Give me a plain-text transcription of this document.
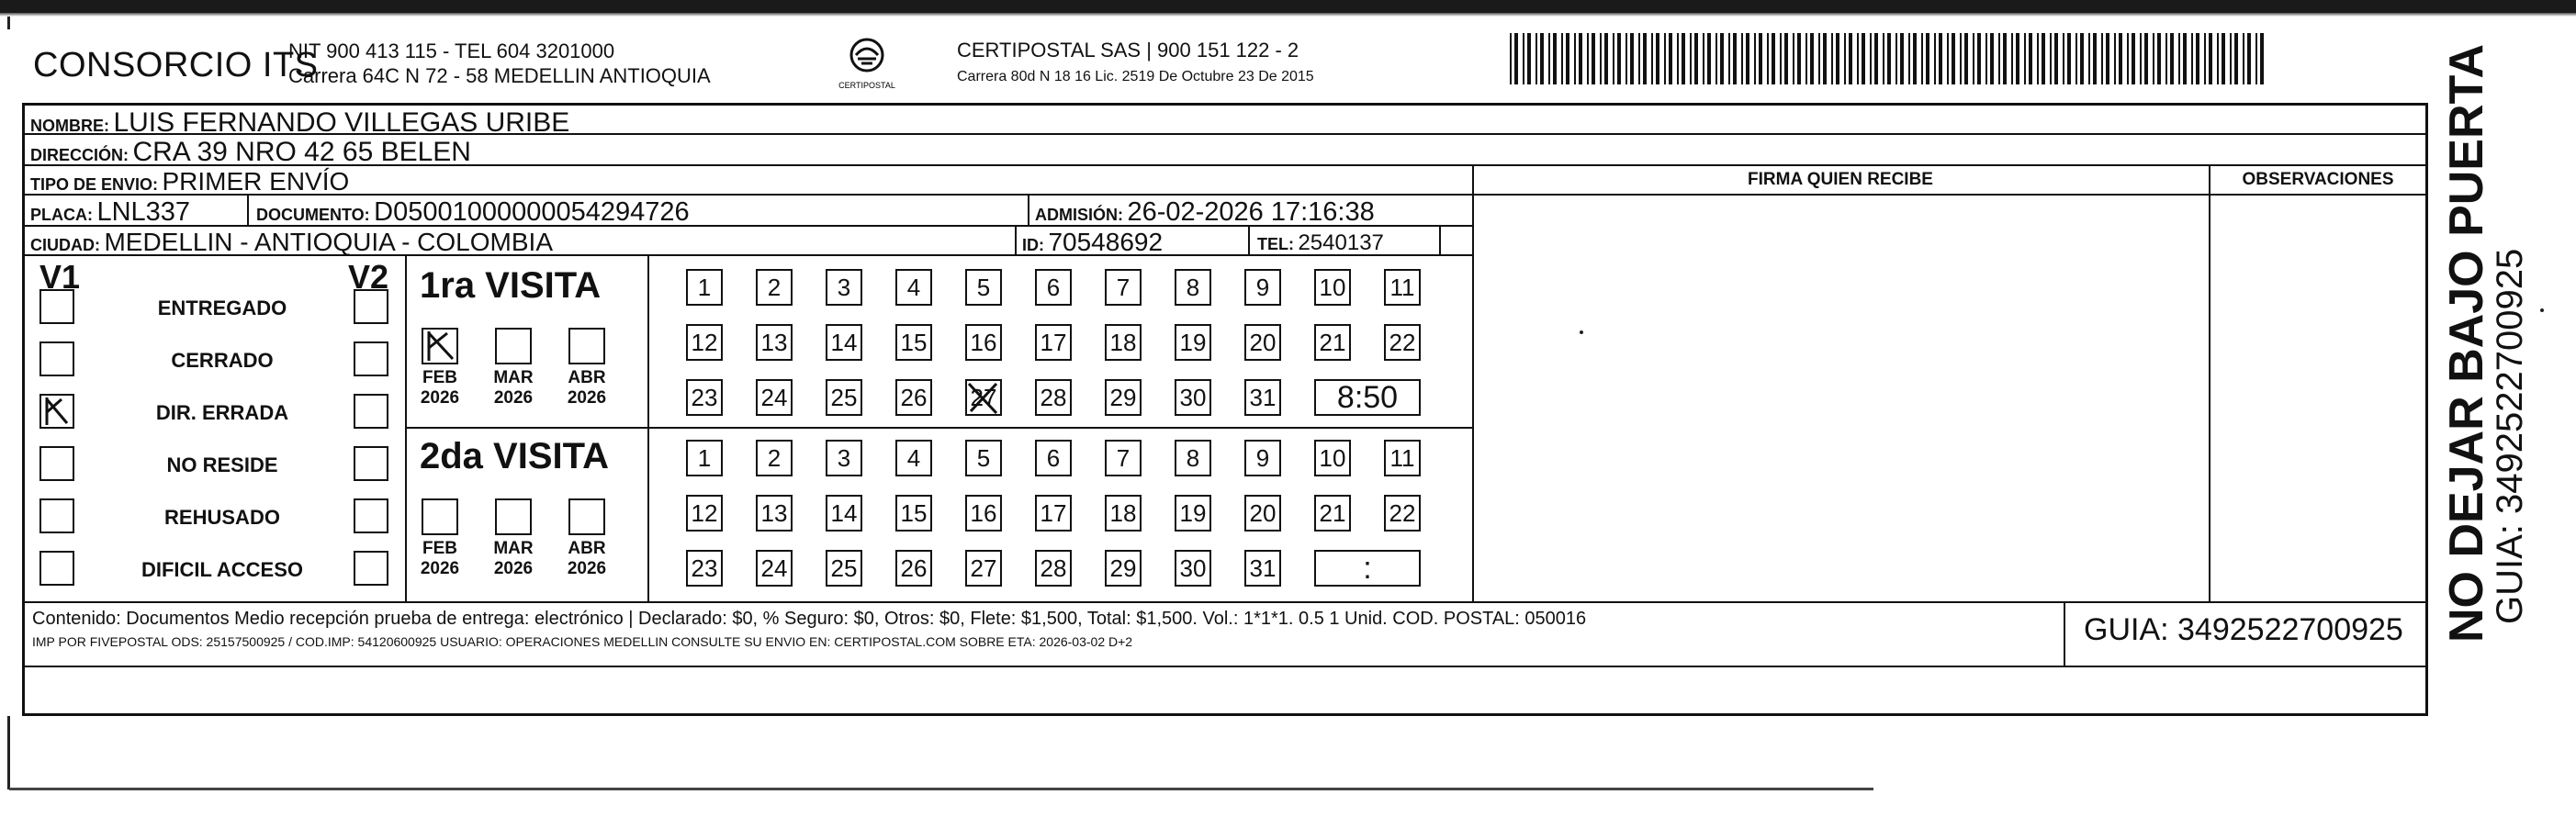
CONSORCIO ITS
NIT 900 413 115 - TEL 604 3201000
Carrera 64C N 72 - 58 MEDELLIN ANTIOQUIA	CERTIPOSTAL
CERTIPOSTAL SAS | 900 151 122 - 2
Carrera 80d N 18 16 Lic. 2519 De Octubre 23 De 2015
NOMBRE: LUIS FERNANDO VILLEGAS URIBE
DIRECCIÓN: CRA 39 NRO 42 65 BELEN
TIPO DE ENVIO: PRIMER ENVÍO	FIRMA QUIEN RECIBE	OBSERVACIONES
PLACA: LNL337	DOCUMENTO: D05001000000054294726	ADMISIÓN: 26-02-2026 17:16:38
CIUDAD: MEDELLIN - ANTIOQUIA - COLOMBIA	ID: 70548692	TEL: 2540137
V1	V2
ENTREGADO
CERRADO
DIR. ERRADA
NO RESIDE
REHUSADO
DIFICIL ACCESO
1ra VISITA
FEB
2026
MAR
2026
ABR
2026
1	2	3	4	5	6	7	8	9	10 11
12 13 14 15 16 17 18 19 20 21 22
23 24 25 26 27 28 29 30 31	8:50
2da VISITA
FEB
2026
MAR
2026
ABR
2026
1	2	3	4	5	6	7	8	9	10 11
12 13 14 15 16 17 18 19 20 21 22
23 24 25 26 27 28 29 30 31	:
Contenido: Documentos Medio recepción prueba de entrega: electrónico | Declarado: $0, % Seguro: $0, Otros: $0, Flete: $1,500, Total: $1,500. Vol.: 1*1*1. 0.5 1 Unid. COD. POSTAL: 050016
IMP POR FIVEPOSTAL ODS: 25157500925 / COD.IMP: 54120600925 USUARIO: OPERACIONES MEDELLIN CONSULTE SU ENVIO EN: CERTIPOSTAL.COM SOBRE ETA: 2026-03-02 D+2	GUIA: 3492522700925 NO DEJAR BAJO PUERTA
GUIA: 3492522700925
